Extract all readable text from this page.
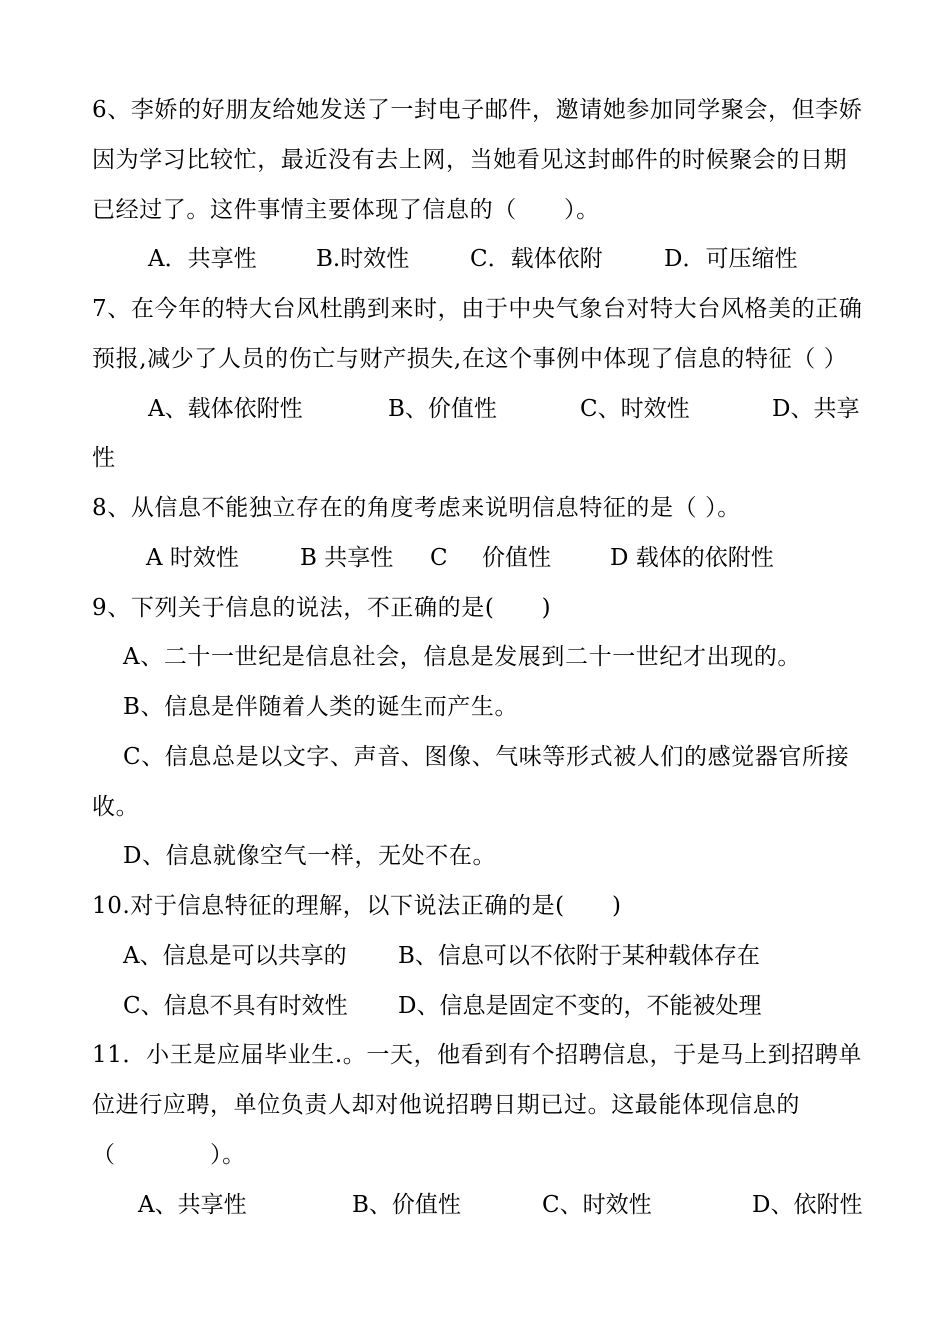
6、李娇的好朋友给她发送了一封电子邮件，邀请她参加同学聚会，但李娇
因为学习比较忙，最近没有去上网，当她看见这封邮件的时候聚会的日期
已经过了。这件事情主要体现了信息的（　　）。
A．共享性	B.时效性	C．载体依附	D．可压缩性
7、在今年的特大台风杜鹃到来时，由于中央气象台对特大台风格美的正确
预报,减少了人员的伤亡与财产损失,在这个事例中体现了信息的特征（ ）
A、载体依附性	B、价值性	C、时效性	D、共享
性
8、从信息不能独立存在的角度考虑来说明信息特征的是（ ）。
A 时效性	B 共享性 C 价值性	D 载体的依附性
9、下列关于信息的说法，不正确的是(　　)
A、二十一世纪是信息社会，信息是发展到二十一世纪才出现的。
B、信息是伴随着人类的诞生而产生。
C、信息总是以文字、声音、图像、气味等形式被人们的感觉器官所接
收。
D、信息就像空气一样，无处不在。
10.对于信息特征的理解，以下说法正确的是(　　)
A、信息是可以共享的 B、信息可以不依附于某种载体存在
C、信息不具有时效性 D、信息是固定不变的，不能被处理
11．小王是应届毕业生.。一天，他看到有个招聘信息，于是马上到招聘单
位进行应聘，单位负责人却对他说招聘日期已过。这最能体现信息的
（　　　　）。
A、共享性	B、价值性	C、时效性	D、依附性
